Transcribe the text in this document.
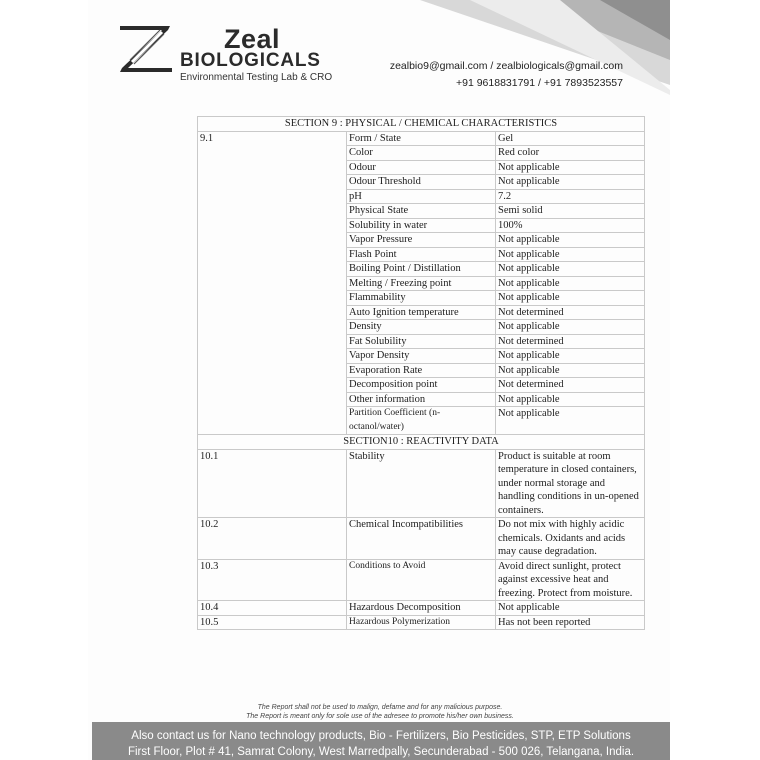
Zeal
BIOLOGICALS
Environmental Testing Lab & CRO
zealbio9@gmail.com / zealbiologicals@gmail.com
+91 9618831791 / +91 7893523557
SECTION 9 : PHYSICAL / CHEMICAL CHARACTERISTICS		
9.1	Form / State	Gel
	Color	Red color
	Odour	Not applicable
	Odour Threshold	Not applicable
	pH	7.2
	Physical State	Semi solid
	Solubility in water	100%
	Vapor Pressure	Not applicable
	Flash Point	Not applicable
	Boiling Point / Distillation	Not applicable
	Melting / Freezing point	Not applicable
	Flammability	Not applicable
	Auto Ignition temperature	Not determined
	Density	Not applicable
	Fat Solubility	Not determined
	Vapor Density	Not applicable
	Evaporation Rate	Not applicable
	Decomposition point	Not determined
	Other information	Not applicable
	Partition Coefficient (n-octanol/water)	Not applicable
SECTION10 : REACTIVITY DATA		
10.1	Stability	Product is suitable at room temperature in closed containers, under normal storage and handling conditions in un-opened containers.
10.2	Chemical Incompatibilities	Do not mix with highly acidic chemicals. Oxidants and acids may cause degradation.
10.3	Conditions to Avoid	Avoid direct sunlight, protect against excessive heat and freezing. Protect from moisture.
10.4	Hazardous Decomposition	Not applicable
10.5	Hazardous Polymerization	Has not been reported
The Report shall not be used to malign, defame and for any malicious purpose.
The Report is meant only for sole use of the adresee to promote his/her own business.
Also contact us for Nano technology products, Bio - Fertilizers, Bio Pesticides, STP, ETP Solutions
First Floor, Plot # 41, Samrat Colony, West Marredpally, Secunderabad - 500 026, Telangana, India.
